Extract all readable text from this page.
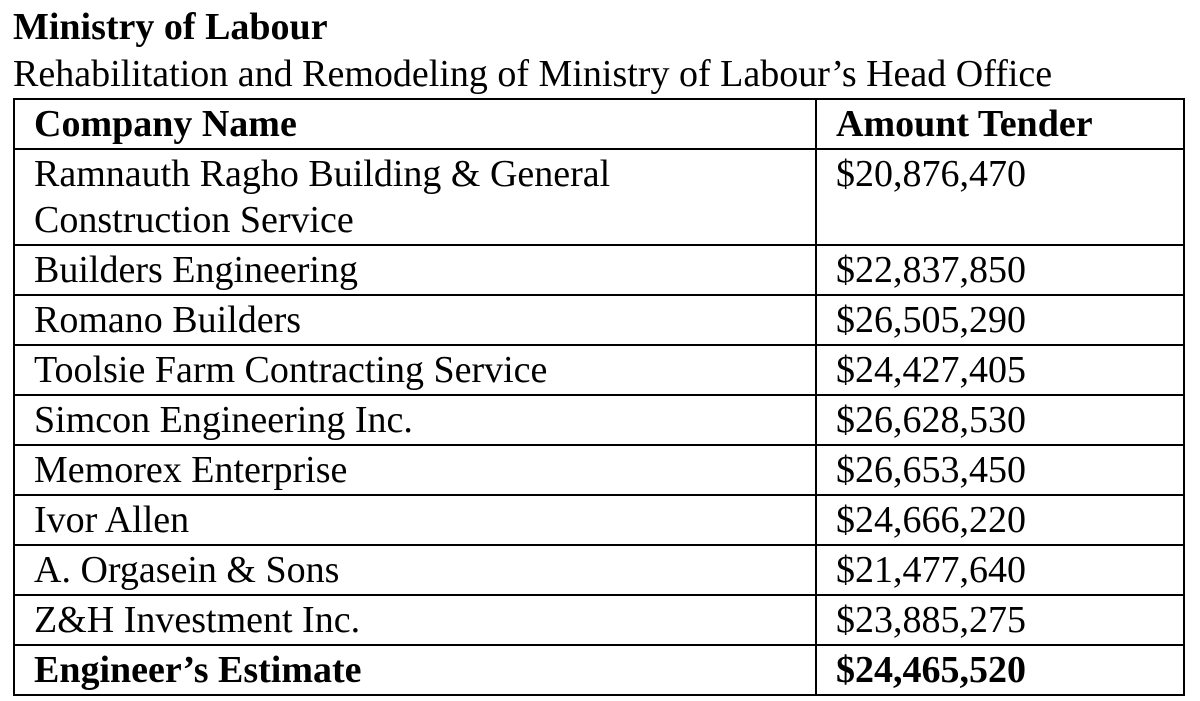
Ministry of Labour

Rehabilitation and Remodeling of Ministry of Labour’s Head Office

Company Name	Amount Tender
Ramnauth Ragho Building & General Construction Service	$20,876,470
Builders Engineering	$22,837,850
Romano Builders	$26,505,290
Toolsie Farm Contracting Service	$24,427,405
Simcon Engineering Inc.	$26,628,530
Memorex Enterprise	$26,653,450
Ivor Allen	$24,666,220
A. Orgasein & Sons	$21,477,640
Z&H Investment Inc.	$23,885,275
Engineer’s Estimate	$24,465,520
